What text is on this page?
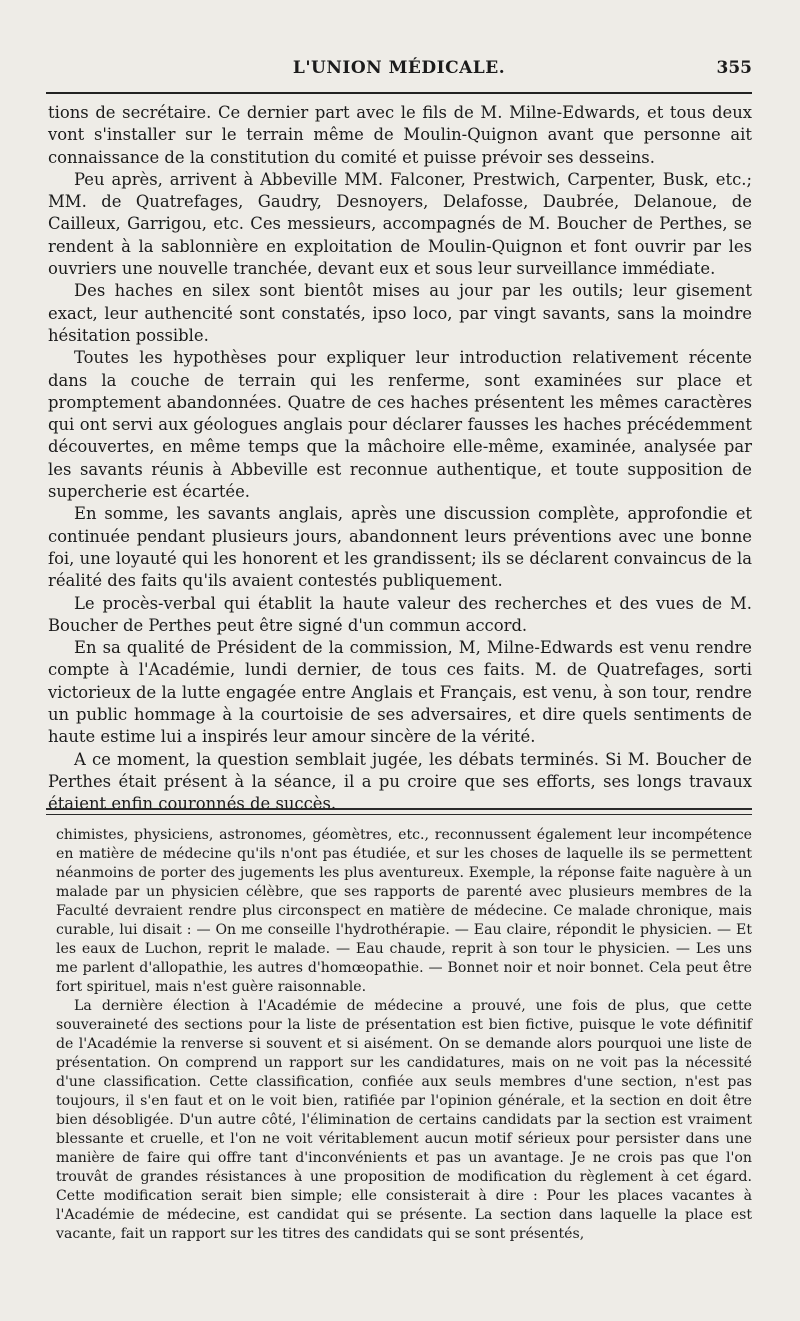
L'UNION MÉDICALE.	355

tions de secrétaire. Ce dernier part avec le fils de M. Milne-Edwards, et tous deux vont s'installer sur le terrain même de Moulin-Quignon avant que personne ait connaissance de la constitution du comité et puisse prévoir ses desseins.

Peu après, arrivent à Abbeville MM. Falconer, Prestwich, Carpenter, Busk, etc.; MM. de Quatrefages, Gaudry, Desnoyers, Delafosse, Daubrée, Delanoue, de Cailleux, Garrigou, etc. Ces messieurs, accompagnés de M. Boucher de Perthes, se rendent à la sablonnière en exploitation de Moulin-Quignon et font ouvrir par les ouvriers une nouvelle tranchée, devant eux et sous leur surveillance immédiate.

Des haches en silex sont bientôt mises au jour par les outils; leur gisement exact, leur authencité sont constatés, ipso loco, par vingt savants, sans la moindre hésitation possible.

Toutes les hypothèses pour expliquer leur introduction relativement récente dans la couche de terrain qui les renferme, sont examinées sur place et promptement abandonnées. Quatre de ces haches présentent les mêmes caractères qui ont servi aux géologues anglais pour déclarer fausses les haches précédemment découvertes, en même temps que la mâchoire elle-même, examinée, analysée par les savants réunis à Abbeville est reconnue authentique, et toute supposition de supercherie est écartée.

En somme, les savants anglais, après une discussion complète, approfondie et continuée pendant plusieurs jours, abandonnent leurs préventions avec une bonne foi, une loyauté qui les honorent et les grandissent; ils se déclarent convaincus de la réalité des faits qu'ils avaient contestés publiquement.

Le procès-verbal qui établit la haute valeur des recherches et des vues de M. Boucher de Perthes peut être signé d'un commun accord.

En sa qualité de Président de la commission, M, Milne-Edwards est venu rendre compte à l'Académie, lundi dernier, de tous ces faits. M. de Quatrefages, sorti victorieux de la lutte engagée entre Anglais et Français, est venu, à son tour, rendre un public hommage à la courtoisie de ses adversaires, et dire quels sentiments de haute estime lui a inspirés leur amour sincère de la vérité.

A ce moment, la question semblait jugée, les débats terminés. Si M. Boucher de Perthes était présent à la séance, il a pu croire que ses efforts, ses longs travaux étaient enfin couronnés de succès.

chimistes, physiciens, astronomes, géomètres, etc., reconnussent également leur incompétence en matière de médecine qu'ils n'ont pas étudiée, et sur les choses de laquelle ils se permettent néanmoins de porter des jugements les plus aventureux. Exemple, la réponse faite naguère à un malade par un physicien célèbre, que ses rapports de parenté avec plusieurs membres de la Faculté devraient rendre plus circonspect en matière de médecine. Ce malade chronique, mais curable, lui disait : — On me conseille l'hydrothérapie. — Eau claire, répondit le physicien. — Et les eaux de Luchon, reprit le malade. — Eau chaude, reprit à son tour le physicien. — Les uns me parlent d'allopathie, les autres d'homœopathie. — Bonnet noir et noir bonnet. Cela peut être fort spirituel, mais n'est guère raisonnable.

La dernière élection à l'Académie de médecine a prouvé, une fois de plus, que cette souveraineté des sections pour la liste de présentation est bien fictive, puisque le vote définitif de l'Académie la renverse si souvent et si aisément. On se demande alors pourquoi une liste de présentation. On comprend un rapport sur les candidatures, mais on ne voit pas la nécessité d'une classification. Cette classification, confiée aux seuls membres d'une section, n'est pas toujours, il s'en faut et on le voit bien, ratifiée par l'opinion générale, et la section en doit être bien désobligée. D'un autre côté, l'élimination de certains candidats par la section est vraiment blessante et cruelle, et l'on ne voit véritablement aucun motif sérieux pour persister dans une manière de faire qui offre tant d'inconvénients et pas un avantage. Je ne crois pas que l'on trouvât de grandes résistances à une proposition de modification du règlement à cet égard. Cette modification serait bien simple; elle consisterait à dire : Pour les places vacantes à l'Académie de médecine, est candidat qui se présente. La section dans laquelle la place est vacante, fait un rapport sur les titres des candidats qui se sont présentés,
